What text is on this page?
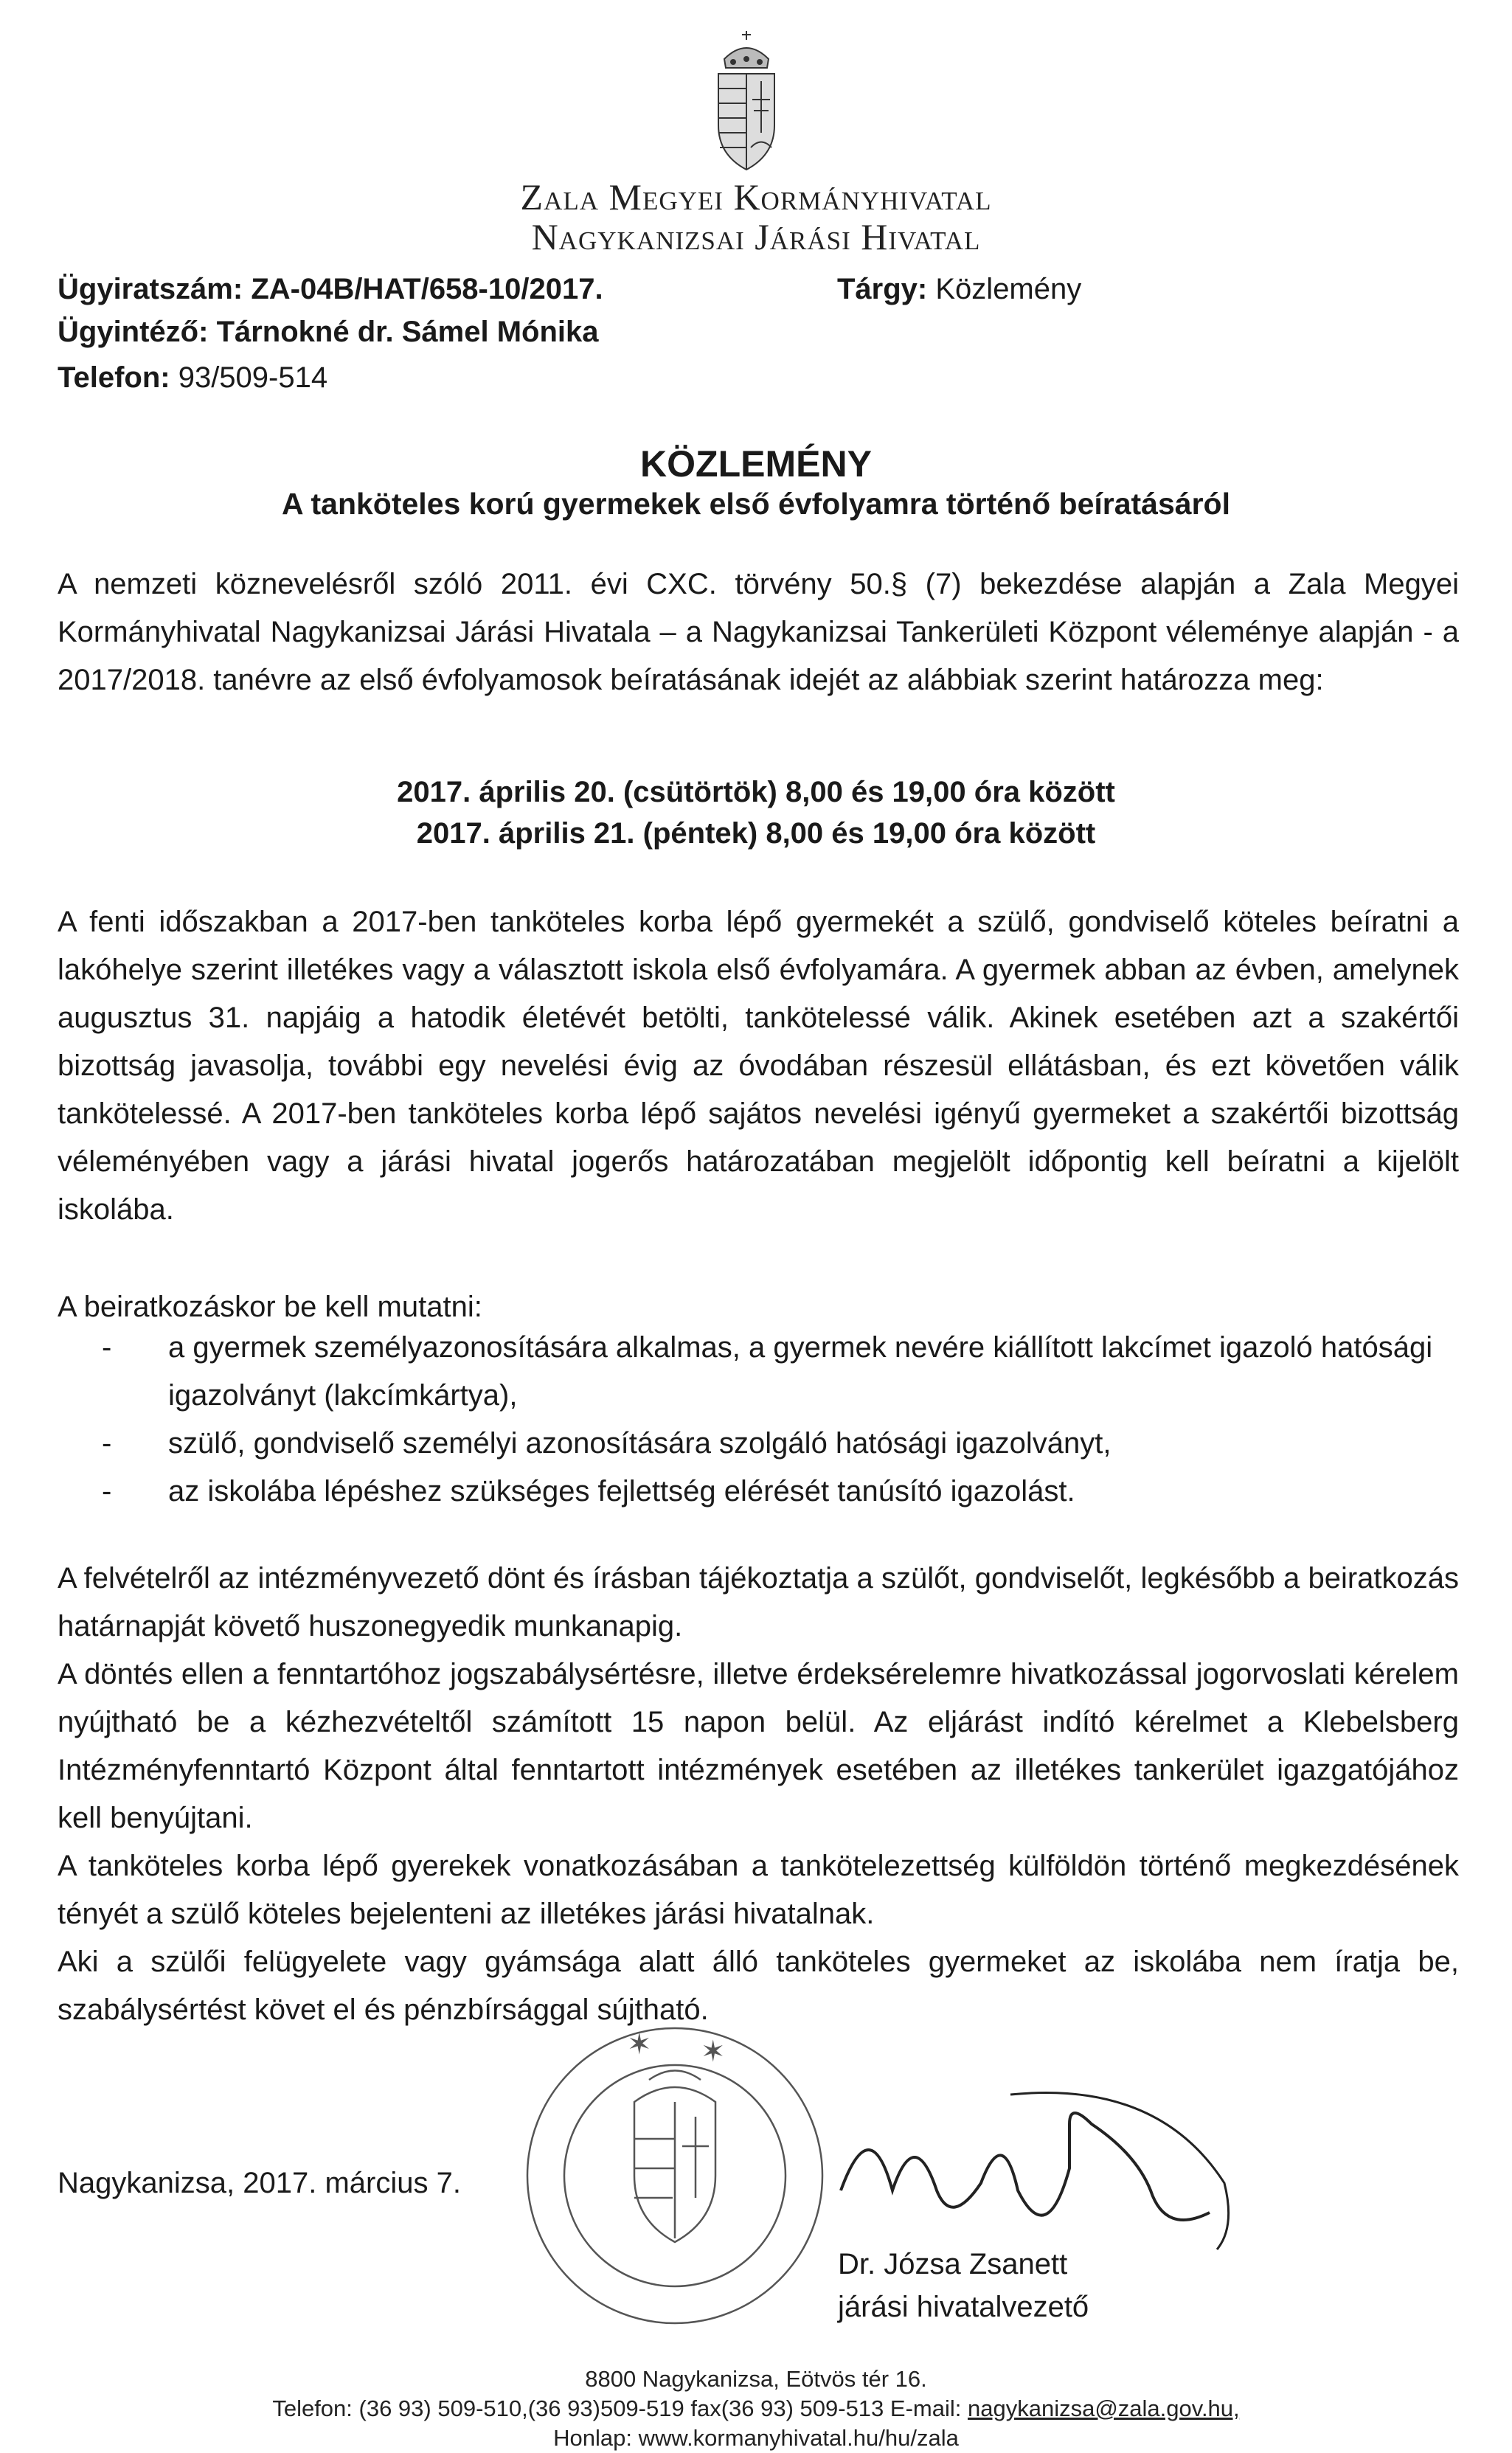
Zala Megyei Kormányhivatal
Nagykanizsai Járási Hivatal
Ügyiratszám: ZA-04B/HAT/658-10/2017.	Tárgy: Közlemény
Ügyintéző: Tárnokné dr. Sámel Mónika
Telefon: 93/509-514
KÖZLEMÉNY
A tanköteles korú gyermekek első évfolyamra történő beíratásáról

A nemzeti köznevelésről szóló 2011. évi CXC. törvény 50.§ (7) bekezdése alapján a Zala Megyei Kormányhivatal Nagykanizsai Járási Hivatala – a Nagykanizsai Tankerületi Központ véleménye alapján - a 2017/2018. tanévre az első évfolyamosok beíratásának idejét az alábbiak szerint határozza meg:

2017. április 20. (csütörtök) 8,00 és 19,00 óra között
2017. április 21. (péntek) 8,00 és 19,00 óra között

A fenti időszakban a 2017-ben tanköteles korba lépő gyermekét a szülő, gondviselő köteles beíratni a lakóhelye szerint illetékes vagy a választott iskola első évfolyamára. A gyermek abban az évben, amelynek augusztus 31. napjáig a hatodik életévét betölti, tankötelessé válik. Akinek esetében azt a szakértői bizottság javasolja, további egy nevelési évig az óvodában részesül ellátásban, és ezt követően válik tankötelessé. A 2017-ben tanköteles korba lépő sajátos nevelési igényű gyermeket a szakértői bizottság véleményében vagy a járási hivatal jogerős határozatában megjelölt időpontig kell beíratni a kijelölt iskolába.

A beiratkozáskor be kell mutatni:
- a gyermek személyazonosítására alkalmas, a gyermek nevére kiállított lakcímet igazoló hatósági igazolványt (lakcímkártya),
- szülő, gondviselő személyi azonosítására szolgáló hatósági igazolványt,
- az iskolába lépéshez szükséges fejlettség elérését tanúsító igazolást.

A felvételről az intézményvezető dönt és írásban tájékoztatja a szülőt, gondviselőt, legkésőbb a beiratkozás határnapját követő huszonegyedik munkanapig.

A döntés ellen a fenntartóhoz jogszabálysértésre, illetve érdeksérelemre hivatkozással jogorvoslati kérelem nyújtható be a kézhezvételtől számított 15 napon belül. Az eljárást indító kérelmet a Klebelsberg Intézményfenntartó Központ által fenntartott intézmények esetében az illetékes tankerület igazgatójához kell benyújtani.

A tanköteles korba lépő gyerekek vonatkozásában a tankötelezettség külföldön történő megkezdésének tényét a szülő köteles bejelenteni az illetékes járási hivatalnak.

Aki a szülői felügyelete vagy gyámsága alatt álló tanköteles gyermeket az iskolába nem íratja be, szabálysértést követ el és pénzbírsággal sújtható.

Nagykanizsa, 2017. március 7.
✶ ✶
Dr. Józsa Zsanett
járási hivatalvezető
8800 Nagykanizsa, Eötvös tér 16.
Telefon: (36 93) 509-510,(36 93)509-519 fax(36 93) 509-513 E-mail: nagykanizsa@zala.gov.hu,
Honlap: www.kormanyhivatal.hu/hu/zala
